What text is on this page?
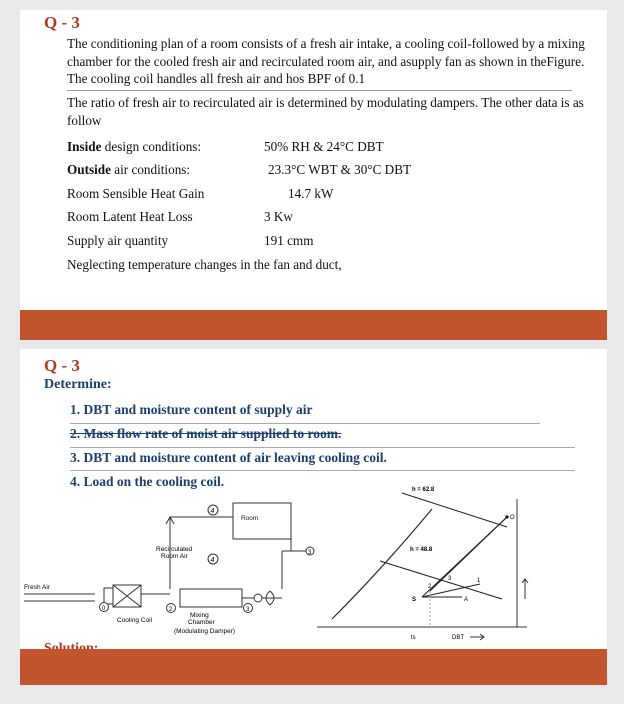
Q - 3
The conditioning plan of a room consists of a fresh air intake, a cooling coil-followed by a mixing chamber for the cooled fresh air and recirculated room air, and asupply fan as shown in theFigure. The cooling coil handles all fresh air and hos BPF of 0.1
The ratio of fresh air to recirculated air is determined by modulating dampers. The other data is as follow
Inside design conditions:	50% RH & 24°C DBT
Outside air conditions:	23.3°C WBT & 30°C DBT
Room Sensible Heat Gain	14.7 kW
Room Latent Heat Loss	3 Kw
Supply air quantity	191 cmm
Neglecting temperature changes in the fan and duct,
Q - 3
Determine:
1. DBT and moisture content of supply air
2. Mass flow rate of moist air supplied to room.
3. DBT and moisture content of air leaving cooling coil.
4. Load on the cooling coil.
Room
4
Recirculated
Room Air
4
3
Fresh Air
Cooling Coil
0	2
Mixing
Chamber
(Modulating Damper)
3
h = 62.8
h = 48.8
O
S	A
1
2
3
ts	DBT
